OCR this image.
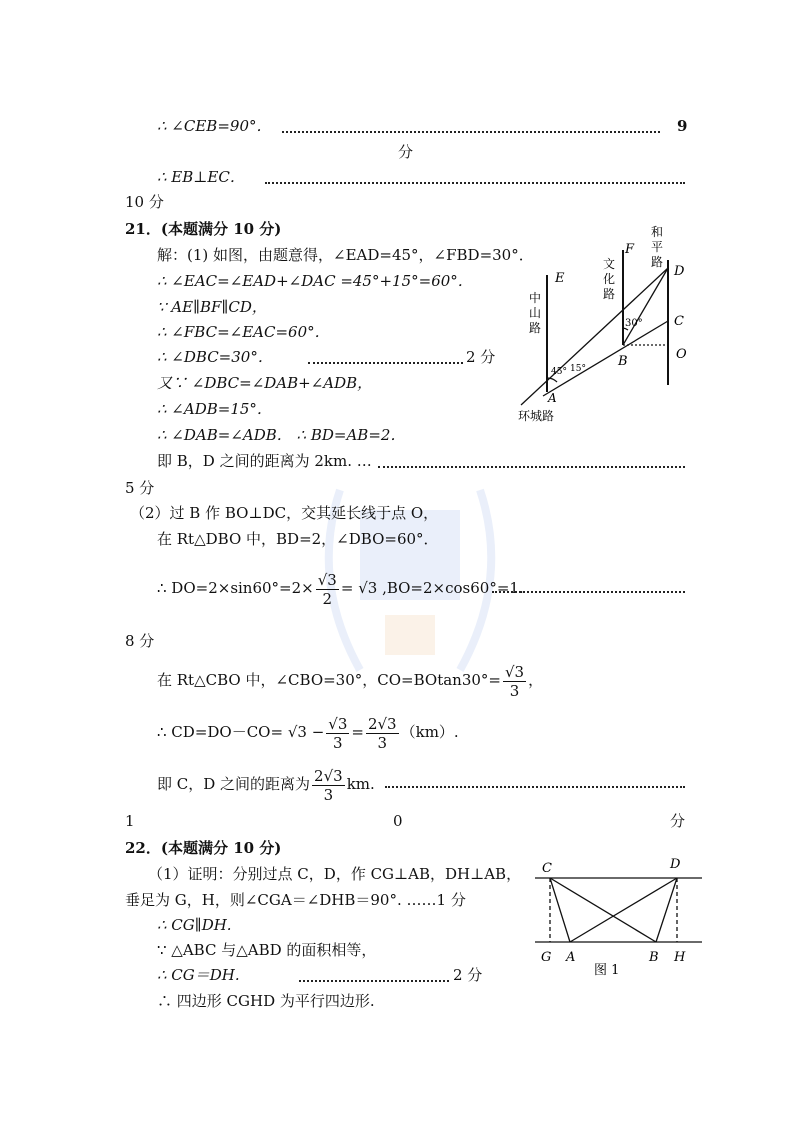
∴ ∠CEB=90°．	9
分
∴ EB⊥EC．
10 分
21．(本题满分 10 分)
解：(1) 如图，由题意得，∠EAD=45°，∠FBD=30°．
∴ ∠EAC=∠EAD+∠DAC =45°+15°=60°．
∵ AE∥BF∥CD，
∴ ∠FBC=∠EAC=60°．
∴ ∠DBC=30°．	2 分
又∵ ∠DBC=∠DAB+∠ADB，
∴ ∠ADB=15°．
∴ ∠DAB=∠ADB． ∴ BD=AB=2．
即 B，D 之间的距离为 2km. …
5 分
（2）过 B 作 BO⊥DC，交其延长线于点 O，
在 Rt△DBO 中，BD=2，∠DBO=60°．
∴ $DO=2\times\sin 60^\circ=2\times \frac{√3}{2} = √3$ ,BO=2×cos60°=1.
8 分
在 Rt△CBO 中，∠CBO=30°，$CO=BOtan30^\circ= \frac{√3}{3}$ ，
∴ $CD=DO-CO= √3 - \frac{√3}{3} = \frac{2√3}{3} (km)$.
即 C，D 之间的距离为 $\frac{2√3}{3}$ km.
1	0	分
E
F
D
C
O
B
A
中
山
路
文
化
路
和
平
路
环城路
45° 15°
30°
22．(本题满分 10 分)
（1）证明：分别过点 C，D，作 CG⊥AB，DH⊥AB，
垂足为 G，H，则∠CGA＝∠DHB＝90°. ……1 分
∴ CG∥DH.
∵ △ABC 与△ABD 的面积相等，
∴ CG＝DH.	2 分
∴ 四边形 CGHD 为平行四边形.
C	D
G A	B H
图 1
